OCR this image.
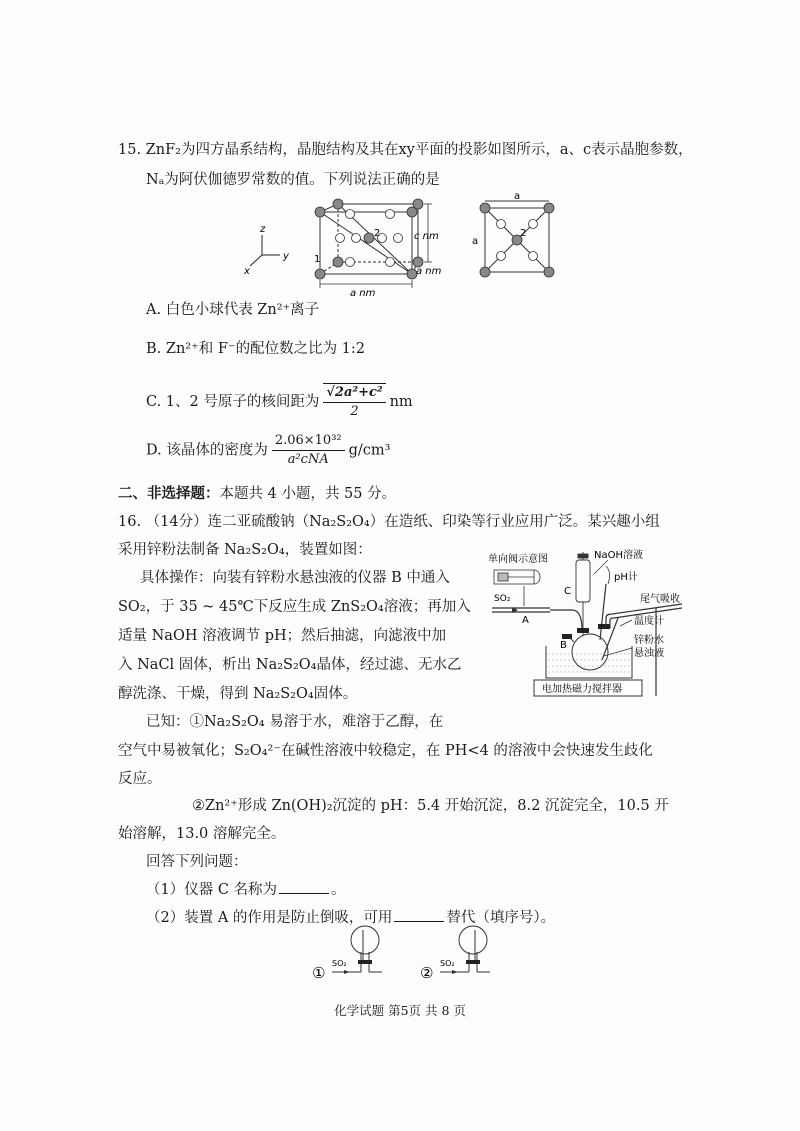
15. ZnF₂为四方晶系结构，晶胞结构及其在xy平面的投影如图所示，a、c表示晶胞参数，
Nₐ为阿伏伽德罗常数的值。下列说法正确的是
z
y
x
1
2	c nm
a nm
a nm
a
a
2
A. 白色小球代表 Zn²⁺离子
B. Zn²⁺和 F⁻的配位数之比为 1:2
C. 1、2 号原子的核间距为 $\frac{\text{√2a²+c²}}{2}$ nm
D. 该晶体的密度为 $\frac{\text{2.06×10³²}}{\text{a²cNA}} g/cm^3$
二、非选择题：本题共 4 小题，共 55 分。
16. （14分）连二亚硫酸钠（Na₂S₂O₄）在造纸、印染等行业应用广泛。某兴趣小组
采用锌粉法制备 Na₂S₂O₄，装置如图：
具体操作：向装有锌粉水悬浊液的仪器 B 中通入
SO₂，于 35 ~ 45℃下反应生成 ZnS₂O₄溶液；再加入
适量 NaOH 溶液调节 pH；然后抽滤，向滤液中加
入 NaCl 固体，析出 Na₂S₂O₄晶体，经过滤、无水乙
醇洗涤、干燥，得到 Na₂S₂O₄固体。
单向阀示意图
SO₂
A
C
NaOH溶液
pH计
尾气吸收
B
温度计
锌粉水
悬浊液
电加热磁力搅拌器
已知：①Na₂S₂O₄ 易溶于水，难溶于乙醇，在
空气中易被氧化；S₂O₄²⁻在碱性溶液中较稳定，在 PH<4 的溶液中会快速发生歧化
反应。
②Zn²⁺形成 Zn(OH)₂沉淀的 pH：5.4 开始沉淀，8.2 沉淀完全，10.5 开
始溶解，13.0 溶解完全。
回答下列问题：
（1）仪器 C 名称为	。
（2）装置 A 的作用是防止倒吸，可用	替代（填序号）。
①
SO₂
②
SO₂
化学试题 第5页 共 8 页
